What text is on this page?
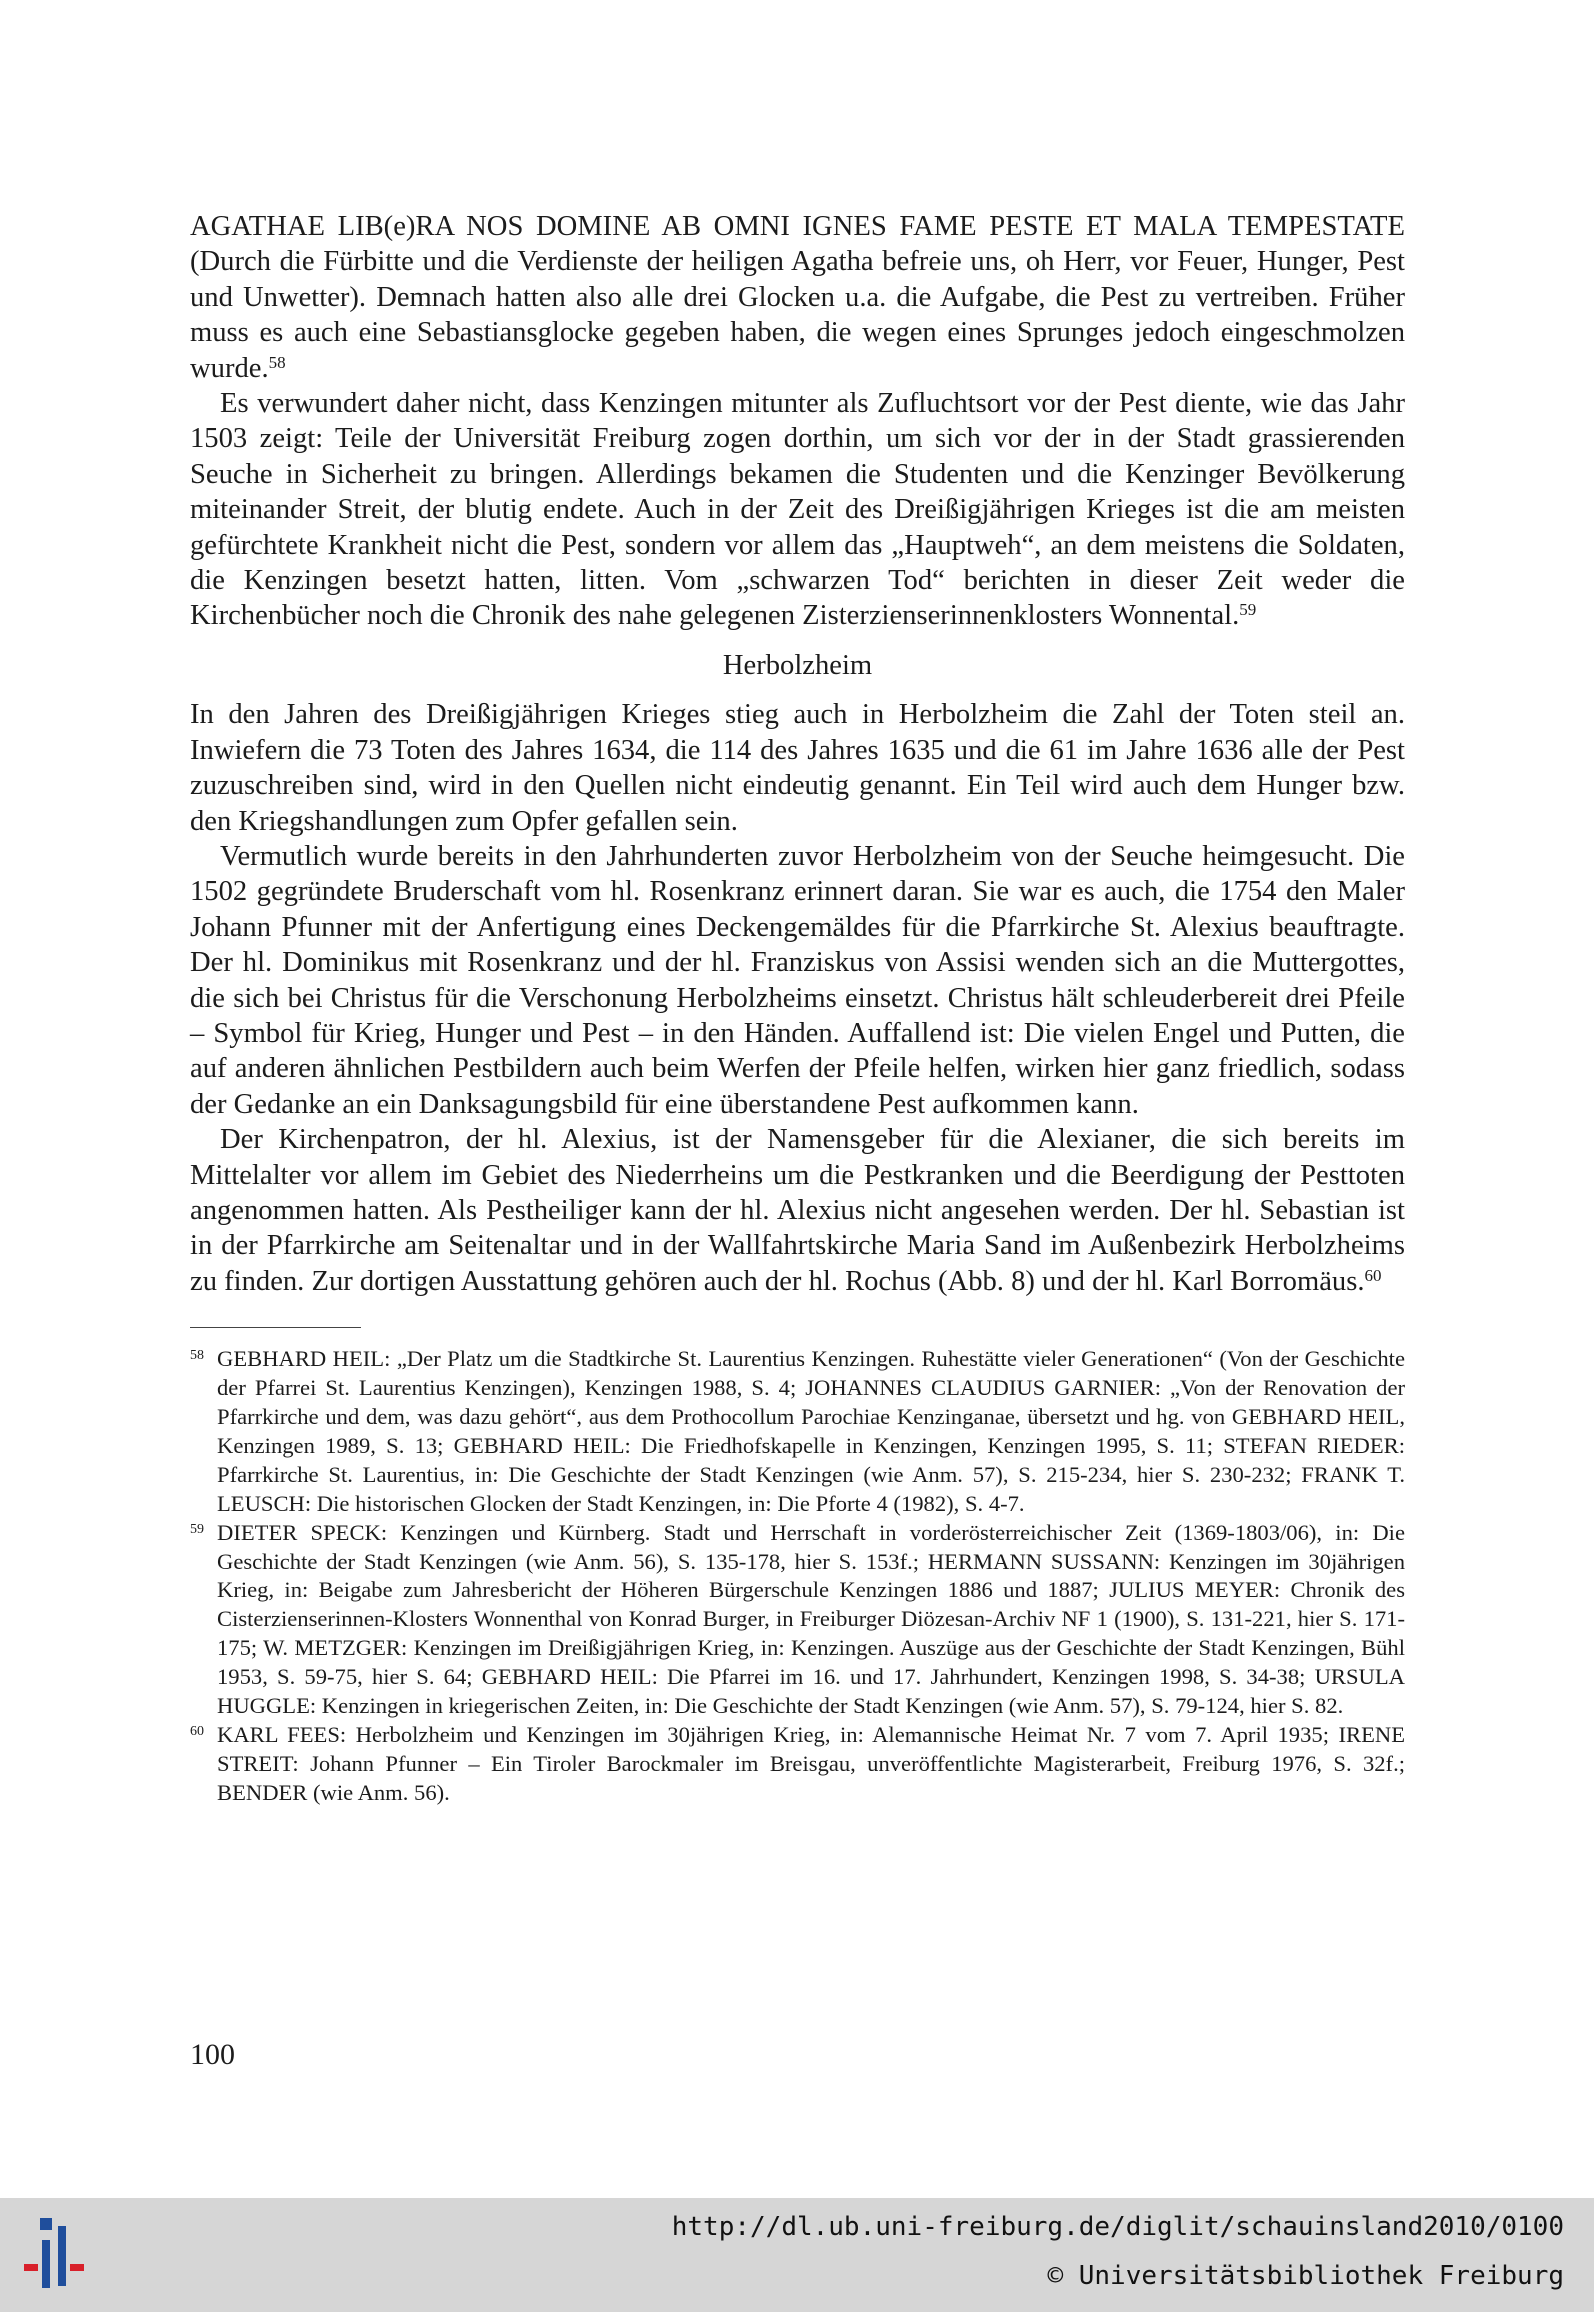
AGATHAE LIB(e)RA NOS DOMINE AB OMNI IGNES FAME PESTE ET MALA TEMPESTATE (Durch die Fürbitte und die Verdienste der heiligen Agatha befreie uns, oh Herr, vor Feuer, Hunger, Pest und Unwetter). Demnach hatten also alle drei Glocken u.a. die Aufgabe, die Pest zu vertreiben. Früher muss es auch eine Sebastiansglocke gegeben haben, die wegen eines Sprunges jedoch eingeschmolzen wurde.$^{58}$

Es verwundert daher nicht, dass Kenzingen mitunter als Zufluchtsort vor der Pest diente, wie das Jahr 1503 zeigt: Teile der Universität Freiburg zogen dorthin, um sich vor der in der Stadt grassierenden Seuche in Sicherheit zu bringen. Allerdings bekamen die Studenten und die Kenzinger Bevölkerung miteinander Streit, der blutig endete. Auch in der Zeit des Dreißigjährigen Krieges ist die am meisten gefürchtete Krankheit nicht die Pest, sondern vor allem das „Hauptweh“, an dem meistens die Soldaten, die Kenzingen besetzt hatten, litten. Vom „schwarzen Tod“ berichten in dieser Zeit weder die Kirchenbücher noch die Chronik des nahe gelegenen Zisterzienserinnenklosters Wonnental.$^{59}$

Herbolzheim

In den Jahren des Dreißigjährigen Krieges stieg auch in Herbolzheim die Zahl der Toten steil an. Inwiefern die 73 Toten des Jahres 1634, die 114 des Jahres 1635 und die 61 im Jahre 1636 alle der Pest zuzuschreiben sind, wird in den Quellen nicht eindeutig genannt. Ein Teil wird auch dem Hunger bzw. den Kriegshandlungen zum Opfer gefallen sein.

Vermutlich wurde bereits in den Jahrhunderten zuvor Herbolzheim von der Seuche heimgesucht. Die 1502 gegründete Bruderschaft vom hl. Rosenkranz erinnert daran. Sie war es auch, die 1754 den Maler Johann Pfunner mit der Anfertigung eines Deckengemäldes für die Pfarrkirche St. Alexius beauftragte. Der hl. Dominikus mit Rosenkranz und der hl. Franziskus von Assisi wenden sich an die Muttergottes, die sich bei Christus für die Verschonung Herbolzheims einsetzt. Christus hält schleuderbereit drei Pfeile – Symbol für Krieg, Hunger und Pest – in den Händen. Auffallend ist: Die vielen Engel und Putten, die auf anderen ähnlichen Pestbildern auch beim Werfen der Pfeile helfen, wirken hier ganz friedlich, sodass der Gedanke an ein Danksagungsbild für eine überstandene Pest aufkommen kann.

Der Kirchenpatron, der hl. Alexius, ist der Namensgeber für die Alexianer, die sich bereits im Mittelalter vor allem im Gebiet des Niederrheins um die Pestkranken und die Beerdigung der Pesttoten angenommen hatten. Als Pestheiliger kann der hl. Alexius nicht angesehen werden. Der hl. Sebastian ist in der Pfarrkirche am Seitenaltar und in der Wallfahrtskirche Maria Sand im Außenbezirk Herbolzheims zu finden. Zur dortigen Ausstattung gehören auch der hl. Rochus (Abb. 8) und der hl. Karl Borromäus.$^{60}$

58 GEBHARD HEIL: „Der Platz um die Stadtkirche St. Laurentius Kenzingen. Ruhestätte vieler Generationen“ (Von der Geschichte der Pfarrei St. Laurentius Kenzingen), Kenzingen 1988, S. 4; JOHANNES CLAUDIUS GARNIER: „Von der Renovation der Pfarrkirche und dem, was dazu gehört“, aus dem Prothocollum Parochiae Kenzinganae, übersetzt und hg. von GEBHARD HEIL, Kenzingen 1989, S. 13; GEBHARD HEIL: Die Friedhofskapelle in Kenzingen, Kenzingen 1995, S. 11; STEFAN RIEDER: Pfarrkirche St. Laurentius, in: Die Geschichte der Stadt Kenzingen (wie Anm. 57), S. 215-234, hier S. 230-232; FRANK T. LEUSCH: Die historischen Glocken der Stadt Kenzingen, in: Die Pforte 4 (1982), S. 4-7.

59 DIETER SPECK: Kenzingen und Kürnberg. Stadt und Herrschaft in vorderösterreichischer Zeit (1369-1803/06), in: Die Geschichte der Stadt Kenzingen (wie Anm. 56), S. 135-178, hier S. 153f.; HERMANN SUSSANN: Kenzingen im 30jährigen Krieg, in: Beigabe zum Jahresbericht der Höheren Bürgerschule Kenzingen 1886 und 1887; JULIUS MEYER: Chronik des Cisterzienserinnen-Klosters Wonnenthal von Konrad Burger, in Freiburger Diözesan-Archiv NF 1 (1900), S. 131-221, hier S. 171-175; W. METZGER: Kenzingen im Dreißigjährigen Krieg, in: Kenzingen. Auszüge aus der Geschichte der Stadt Kenzingen, Bühl 1953, S. 59-75, hier S. 64; GEBHARD HEIL: Die Pfarrei im 16. und 17. Jahrhundert, Kenzingen 1998, S. 34-38; URSULA HUGGLE: Kenzingen in kriegerischen Zeiten, in: Die Geschichte der Stadt Kenzingen (wie Anm. 57), S. 79-124, hier S. 82.

60 KARL FEES: Herbolzheim und Kenzingen im 30jährigen Krieg, in: Alemannische Heimat Nr. 7 vom 7. April 1935; IRENE STREIT: Johann Pfunner – Ein Tiroler Barockmaler im Breisgau, unveröffentlichte Magisterarbeit, Freiburg 1976, S. 32f.; BENDER (wie Anm. 56).

100
http://dl.ub.uni-freiburg.de/diglit/schauinsland2010/0100
© Universitätsbibliothek Freiburg
